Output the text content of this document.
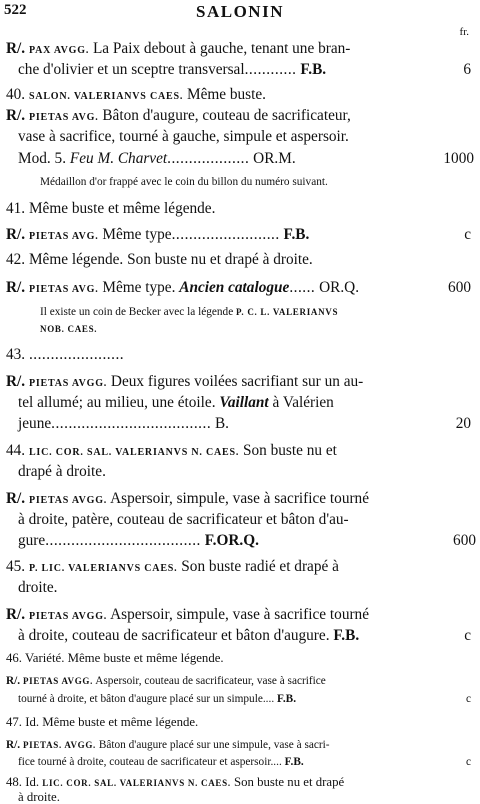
522	SALONIN
fr.
R/. PAX AVGG. La Paix debout à gauche, tenant une bran-
che d'olivier et un sceptre transversal............ F.B.	6
40. SALON. VALERIANVS CAES. Même buste.
R/. PIETAS AVG. Bâton d'augure, couteau de sacrificateur,
vase à sacrifice, tourné à gauche, simpule et aspersoir.
Mod. 5. Feu M. Charvet................... OR.M.	1000
Médaillon d'or frappé avec le coin du billon du numéro suivant.
41. Même buste et même légende.
R/. PIETAS AVG. Même type......................... F.B.	c
42. Même légende. Son buste nu et drapé à droite.
R/. PIETAS AVG. Même type. Ancien catalogue...... OR.Q.	600
Il existe un coin de Becker avec la légende P. C. L. VALERIANVS
NOB. CAES.
43. ......................
R/. PIETAS AVGG. Deux figures voilées sacrifiant sur un au-
tel allumé; au milieu, une étoile. Vaillant à Valérien
jeune..................................... B.	20
44. LIC. COR. SAL. VALERIANVS N. CAES. Son buste nu et
drapé à droite.
R/. PIETAS AVGG. Aspersoir, simpule, vase à sacrifice tourné
à droite, patère, couteau de sacrificateur et bâton d'au-
gure.................................... F.OR.Q.	600
45. P. LIC. VALERIANVS CAES. Son buste radié et drapé à
droite.
R/. PIETAS AVGG. Aspersoir, simpule, vase à sacrifice tourné
à droite, couteau de sacrificateur et bâton d'augure. F.B.	c
46. Variété. Même buste et même légende.
R/. PIETAS AVGG. Aspersoir, couteau de sacrificateur, vase à sacrifice
tourné à droite, et bâton d'augure placé sur un simpule.... F.B.	c
47. Id. Même buste et même légende.
R/. PIETAS. AVGG. Bâton d'augure placé sur une simpule, vase à sacri-
fice tourné à droite, couteau de sacrificateur et aspersoir.... F.B.	c
48. Id. LIC. COR. SAL. VALERIANVS N. CAES. Son buste nu et drapé
à droite.
